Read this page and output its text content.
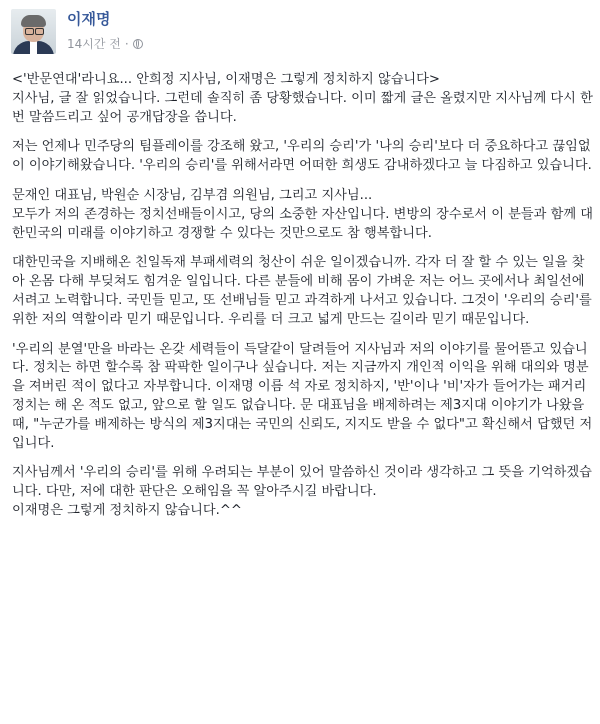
이재명
14시간 전 ·

<'반문연대'라니요... 안희정 지사님, 이재명은 그렇게 정치하지 않습니다>
지사님, 글 잘 읽었습니다. 그런데 솔직히 좀 당황했습니다. 이미 짧게 글은 올렸지만 지사님께 다시 한번 말씀드리고 싶어 공개답장을 씁니다.

저는 언제나 민주당의 팀플레이를 강조해 왔고, '우리의 승리'가 '나의 승리'보다 더 중요하다고 끊임없이 이야기해왔습니다. '우리의 승리'를 위해서라면 어떠한 희생도 감내하겠다고 늘 다짐하고 있습니다.

문재인 대표님, 박원순 시장님, 김부겸 의원님, 그리고 지사님...
모두가 저의 존경하는 정치선배들이시고, 당의 소중한 자산입니다. 변방의 장수로서 이 분들과 함께 대한민국의 미래를 이야기하고 경쟁할 수 있다는 것만으로도 참 행복합니다.

대한민국을 지배해온 친일독재 부패세력의 청산이 쉬운 일이겠습니까. 각자 더 잘 할 수 있는 일을 찾아 온몸 다해 부딪쳐도 힘겨운 일입니다. 다른 분들에 비해 몸이 가벼운 저는 어느 곳에서나 최일선에 서려고 노력합니다. 국민들 믿고, 또 선배님들 믿고 과격하게 나서고 있습니다. 그것이 '우리의 승리'를 위한 저의 역할이라 믿기 때문입니다. 우리를 더 크고 넓게 만드는 길이라 믿기 때문입니다.

'우리의 분열'만을 바라는 온갖 세력들이 득달같이 달려들어 지사님과 저의 이야기를 물어뜯고 있습니다. 정치는 하면 할수록 참 팍팍한 일이구나 싶습니다. 저는 지금까지 개인적 이익을 위해 대의와 명분을 져버린 적이 없다고 자부합니다. 이재명 이름 석 자로 정치하지, '반'이나 '비'자가 들어가는 패거리정치는 해 온 적도 없고, 앞으로 할 일도 없습니다. 문 대표님을 배제하려는 제3지대 이야기가 나왔을 때, "누군가를 배제하는 방식의 제3지대는 국민의 신뢰도, 지지도 받을 수 없다"고 확신해서 답했던 저입니다.

지사님께서 '우리의 승리'를 위해 우려되는 부분이 있어 말씀하신 것이라 생각하고 그 뜻을 기억하겠습니다. 다만, 저에 대한 판단은 오해임을 꼭 알아주시길 바랍니다.
이재명은 그렇게 정치하지 않습니다.^^
